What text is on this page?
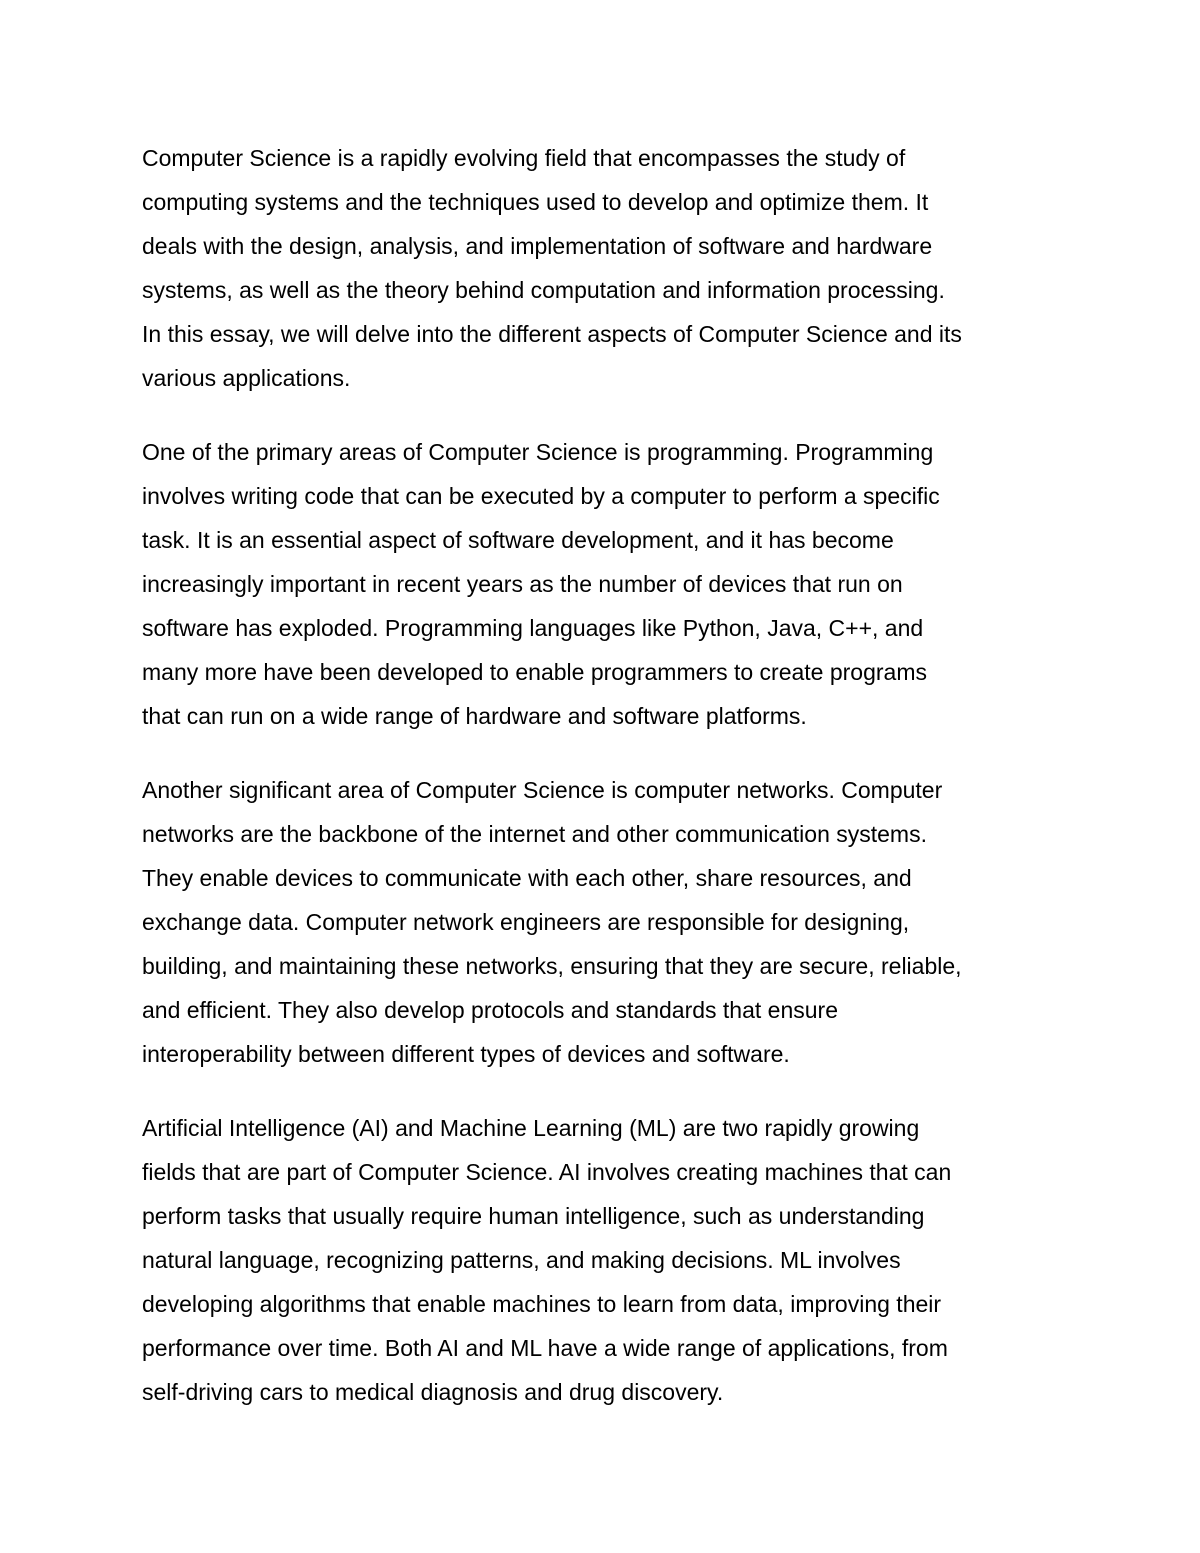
Computer Science is a rapidly evolving field that encompasses the study of
computing systems and the techniques used to develop and optimize them. It
deals with the design, analysis, and implementation of software and hardware
systems, as well as the theory behind computation and information processing.
In this essay, we will delve into the different aspects of Computer Science and its
various applications.

One of the primary areas of Computer Science is programming. Programming
involves writing code that can be executed by a computer to perform a specific
task. It is an essential aspect of software development, and it has become
increasingly important in recent years as the number of devices that run on
software has exploded. Programming languages like Python, Java, C++, and
many more have been developed to enable programmers to create programs
that can run on a wide range of hardware and software platforms.

Another significant area of Computer Science is computer networks. Computer
networks are the backbone of the internet and other communication systems.
They enable devices to communicate with each other, share resources, and
exchange data. Computer network engineers are responsible for designing,
building, and maintaining these networks, ensuring that they are secure, reliable,
and efficient. They also develop protocols and standards that ensure
interoperability between different types of devices and software.

Artificial Intelligence (AI) and Machine Learning (ML) are two rapidly growing
fields that are part of Computer Science. AI involves creating machines that can
perform tasks that usually require human intelligence, such as understanding
natural language, recognizing patterns, and making decisions. ML involves
developing algorithms that enable machines to learn from data, improving their
performance over time. Both AI and ML have a wide range of applications, from
self-driving cars to medical diagnosis and drug discovery.
